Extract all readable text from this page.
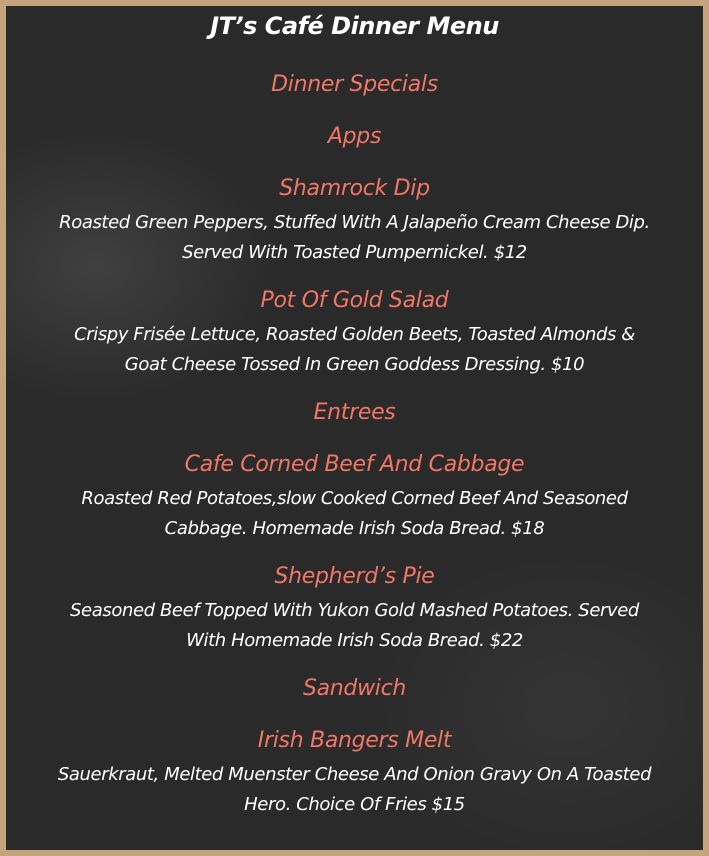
JT’s Café Dinner Menu
Dinner Specials
Apps
Shamrock Dip
Roasted Green Peppers, Stuffed With A Jalapeño Cream Cheese Dip.
Served With Toasted Pumpernickel. $12
Pot Of Gold Salad
Crispy Frisée Lettuce, Roasted Golden Beets, Toasted Almonds &
Goat Cheese Tossed In Green Goddess Dressing. $10
Entrees
Cafe Corned Beef And Cabbage
Roasted Red Potatoes,slow Cooked Corned Beef And Seasoned
Cabbage. Homemade Irish Soda Bread. $18
Shepherd’s Pie
Seasoned Beef Topped With Yukon Gold Mashed Potatoes. Served
With Homemade Irish Soda Bread. $22
Sandwich
Irish Bangers Melt
Sauerkraut, Melted Muenster Cheese And Onion Gravy On A Toasted
Hero. Choice Of Fries $15
